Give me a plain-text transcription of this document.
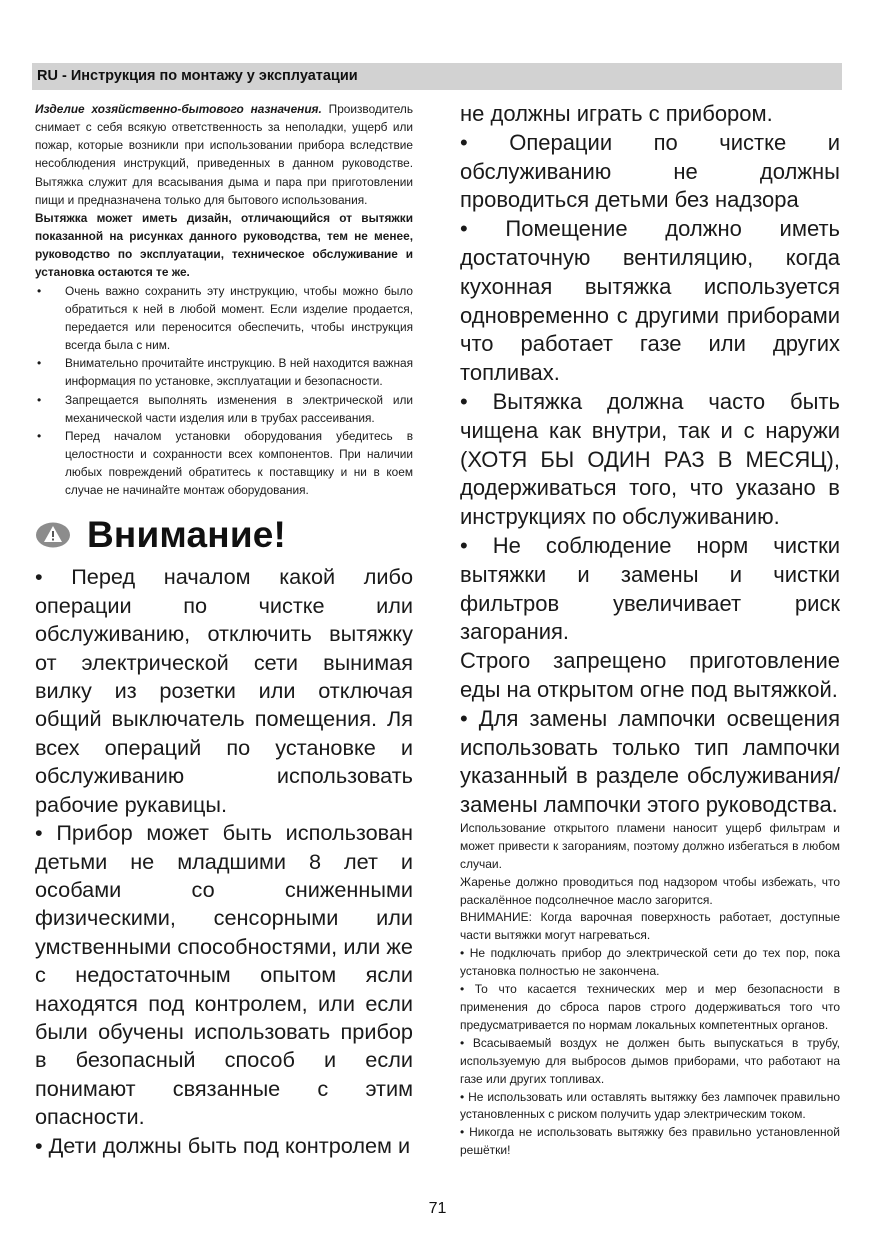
RU - Инструкция по монтажу у эксплуатации

Изделие хозяйственно-бытового назначения. Производитель снимает с себя всякую ответственность за неполадки, ущерб или пожар, которые возникли при использовании прибора вследствие несоблюдения инструкций, приведенных в данном руководстве. Вытяжка служит для всасывания дыма и пара при приготовлении пищи и предназначена только для бытового использования.

Вытяжка может иметь дизайн, отличающийся от вытяжки показанной на рисунках данного руководства, тем не менее, руководство по эксплуатации, техническое обслуживание и установка остаются те же.

• Очень важно сохранить эту инструкцию, чтобы можно было обратиться к ней в любой момент. Если изделие продается, передается или переносится обеспечить, чтобы инструкция всегда была с ним.
• Внимательно прочитайте инструкцию. В ней находится важная информация по установке, эксплуатации и безопасности.
• Запрещается выполнять изменения в электрической или механической части изделия или в трубах рассеивания.
• Перед началом установки оборудования убедитесь в целостности и сохранности всех компонентов. При наличии любых повреждений обратитесь к поставщику и ни в коем случае не начинайте монтаж оборудования.
Внимание!

• Перед началом какой либо операции по чистке или обслуживанию, отключить вытяжку от электрической сети вынимая вилку из розетки или отключая общий выключатель помещения. Ля всех операций по установке и обслуживанию использовать рабочие рукавицы.

• Прибор может быть использован детьми не младшими 8 лет и особами со сниженными физическими, сенсорными или умственными способностями, или же с недостаточным опытом ясли находятся под контролем, или если были обучены использовать прибор в безопасный способ и если понимают связанные с этим опасности.

• Дети должны быть под контролем и

не должны играть с прибором.

• Операции по чистке и обслуживанию не должны проводиться детьми без надзора

• Помещение должно иметь достаточную вентиляцию, когда кухонная вытяжка используется одновременно с другими приборами что работает газе или других топливах.

• Вытяжка должна часто быть чищена как внутри, так и с наружи (ХОТЯ БЫ ОДИН РАЗ В МЕСЯЦ), додерживаться того, что указано в инструкциях по обслуживанию.

• Не соблюдение норм чистки вытяжки и замены и чистки фильтров увеличивает риск загорания.

Строго запрещено приготовление еды на открытом огне под вытяжкой.

• Для замены лампочки освещения использовать только тип лампочки указанный в разделе обслуживания/замены лампочки этого руководства.

Использование открытого пламени наносит ущерб фильтрам и может привести к загораниям, поэтому должно избегаться в любом случаи.

Жаренье должно проводиться под надзором чтобы избежать, что раскалённое подсолнечное масло загорится.

ВНИМАНИЕ: Когда варочная поверхность работает, доступные части вытяжки могут нагреваться.

• Не подключать прибор до электрической сети до тех пор, пока установка полностью не закончена.

• То что касается технических мер и мер безопасности в применения до сброса паров строго додерживаться того что предусматривается по нормам локальных компетентных органов.

• Всасываемый воздух не должен быть выпускаться в трубу, используемую для выбросов дымов приборами, что работают на газе или других топливах.

• Не использовать или оставлять вытяжку без лампочек правильно установленных с риском получить удар электрическим током.

• Никогда не использовать вытяжку без правильно установленной решётки!

71
